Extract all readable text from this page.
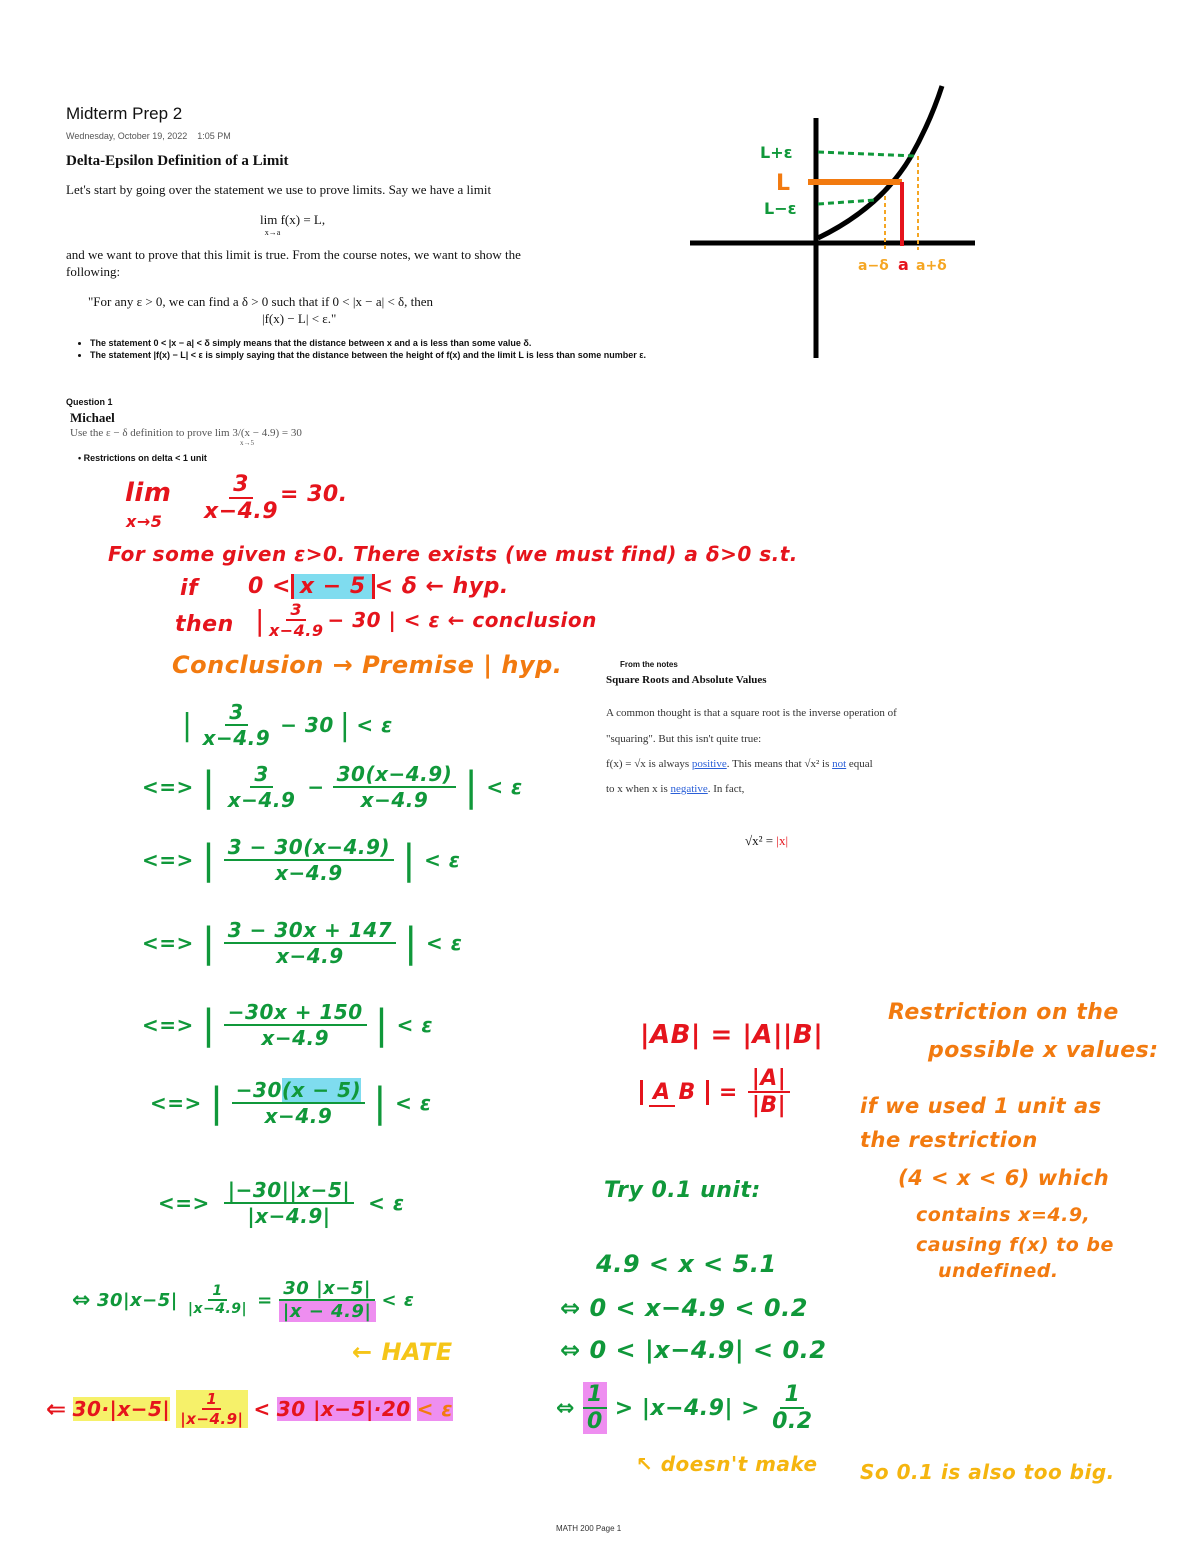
Midterm Prep 2
Wednesday, October 19, 2022 1:05 PM
Delta-Epsilon Definition of a Limit
Let's start by going over the statement we use to prove limits. Say we have a limit
lim f(x) = L,
x→a
and we want to prove that this limit is true. From the course notes, we want to show the following:
"For any ε > 0, we can find a δ > 0 such that if 0 < |x − a| < δ, then
|f(x) − L| < ε."
• The statement 0 < |x − a| < δ simply means that the distance between x and a is less than some value δ.
• The statement |f(x) − L| < ε is simply saying that the distance between the height of f(x) and the limit L is less than some number ε.
L+ε
L
L−ε
a−δ a a+δ
Question 1
Michael
Use the ε − δ definition to prove lim 3/(x − 4.9) = 30
x→5
• Restrictions on delta < 1 unit
lim
$x\to 5 \frac{3}{x-4.9}$
= 30.
For some given ε>0. There exists (we must find) a δ>0 s.t.
if 0 < x − 5 < δ ← hyp.
then | $\frac{3}{x-4.9} - 30$ | < ε ← conclusion
Conclusion → Premise | hyp.
| $\frac{3}{x-4.9} - 30$ | < ε
<=> | $\frac{3}{x-4.9} - \frac{30(x-4.9)}{x-4.9}$ | < ε
<=> | $\frac{3 - 30(x-4.9)}{x-4.9}$ | < ε
<=> | $\frac{3 - 30x + 147}{x-4.9}$ | < ε
<=> | $\frac{-30x + 150}{x-4.9}$ | < ε
<=> | $\frac{-30(x - 5)}{x-4.9}$ | < ε
<=> $\frac{|-30||x-5|}{|x-4.9|} < \varepsilon$
⇔ $30|x-5| \frac{1}{|x-4.9|} = \frac{30 |x-5|}{|x - 4.9|} < \varepsilon$
← HATE
⇐ $30\cdot|x-5| \frac{1}{|x-4.9|} < 30$ |x−5|·20 < ε
From the notes
Square Roots and Absolute Values
A common thought is that a square root is the inverse operation of
"squaring". But this isn't quite true:
f(x) = √x is always positive. This means that √x² is not equal
to x when x is negative. In fact,
√x² = |x|
|AB| = |A||B|
A B	= $\frac{|A|}{|B|}$
Try 0.1 unit:
4.9 < x < 5.1
⇔ 0 < x−4.9 < 0.2
⇔ 0 < |x−4.9| < 0.2
⇔ $\frac{1}{0} > |x-4.9| > \frac{1}{0.2}$
↖ doesn't make So 0.1 is also too big.
Restriction on the
possible x values:
if we used 1 unit as
the restriction
(4 < x < 6) which
contains x=4.9,
causing f(x) to be
undefined.
MATH 200 Page 1
